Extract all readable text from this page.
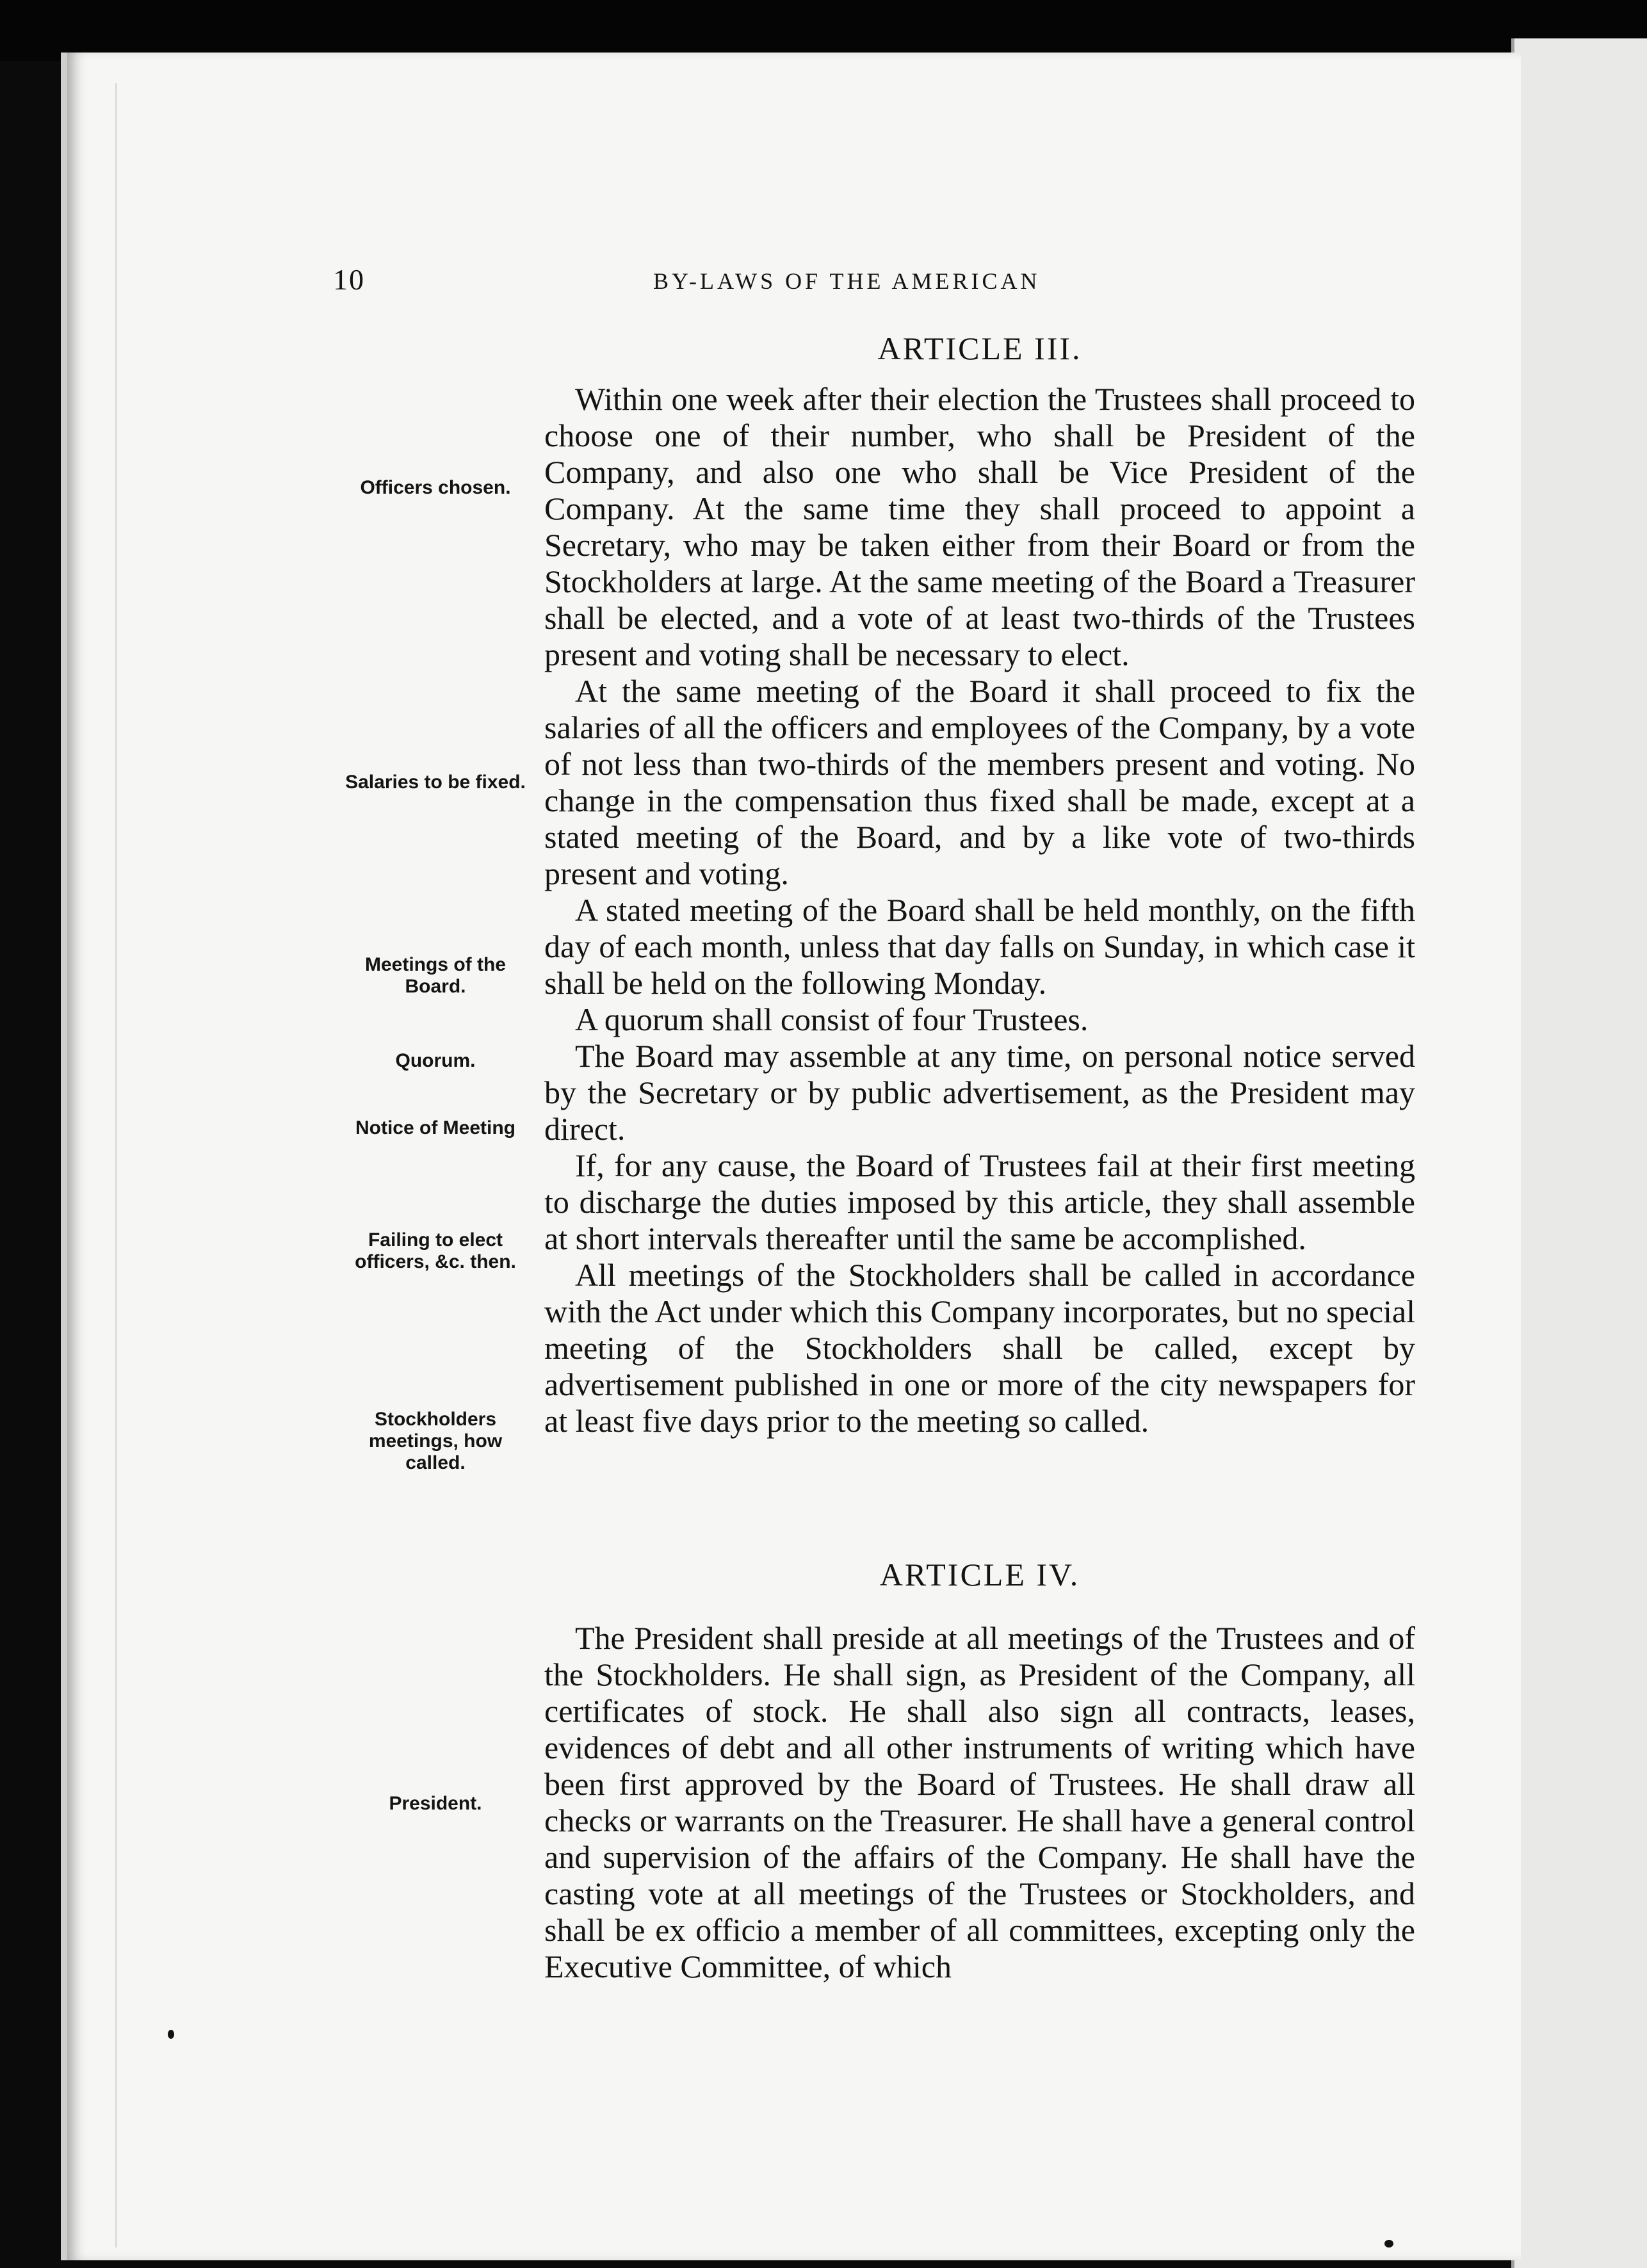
10	BY-LAWS OF THE AMERICAN
ARTICLE III.

Within one week after their election the Trustees shall proceed to choose one of their number, who shall be President of the Company, and also one who shall be Vice President of the Company. At the same time they shall proceed to appoint a Secretary, who may be taken either from their Board or from the Stockholders at large. At the same meeting of the Board a Treasurer shall be elected, and a vote of at least two-thirds of the Trustees present and voting shall be necessary to elect.

At the same meeting of the Board it shall proceed to fix the salaries of all the officers and employees of the Company, by a vote of not less than two-thirds of the members present and voting. No change in the compensation thus fixed shall be made, except at a stated meeting of the Board, and by a like vote of two-thirds present and voting.

A stated meeting of the Board shall be held monthly, on the fifth day of each month, unless that day falls on Sunday, in which case it shall be held on the following Monday.

A quorum shall consist of four Trustees.

The Board may assemble at any time, on personal notice served by the Secretary or by public advertisement, as the President may direct.

If, for any cause, the Board of Trustees fail at their first meeting to discharge the duties imposed by this article, they shall assemble at short intervals thereafter until the same be accomplished.

All meetings of the Stockholders shall be called in accordance with the Act under which this Company incorporates, but no special meeting of the Stockholders shall be called, except by advertisement published in one or more of the city newspapers for at least five days prior to the meeting so called.

Officers chosen.
Salaries to be fixed.
Meetings of the Board.
Quorum.
Notice of Meeting
Failing to elect officers, &c. then.
Stockholders meetings, how called.
ARTICLE IV.

The President shall preside at all meetings of the Trustees and of the Stockholders. He shall sign, as President of the Company, all certificates of stock. He shall also sign all contracts, leases, evidences of debt and all other instruments of writing which have been first approved by the Board of Trustees. He shall draw all checks or warrants on the Treasurer. He shall have a general control and supervision of the affairs of the Company. He shall have the casting vote at all meetings of the Trustees or Stockholders, and shall be ex officio a member of all committees, excepting only the Executive Committee, of which

President.
